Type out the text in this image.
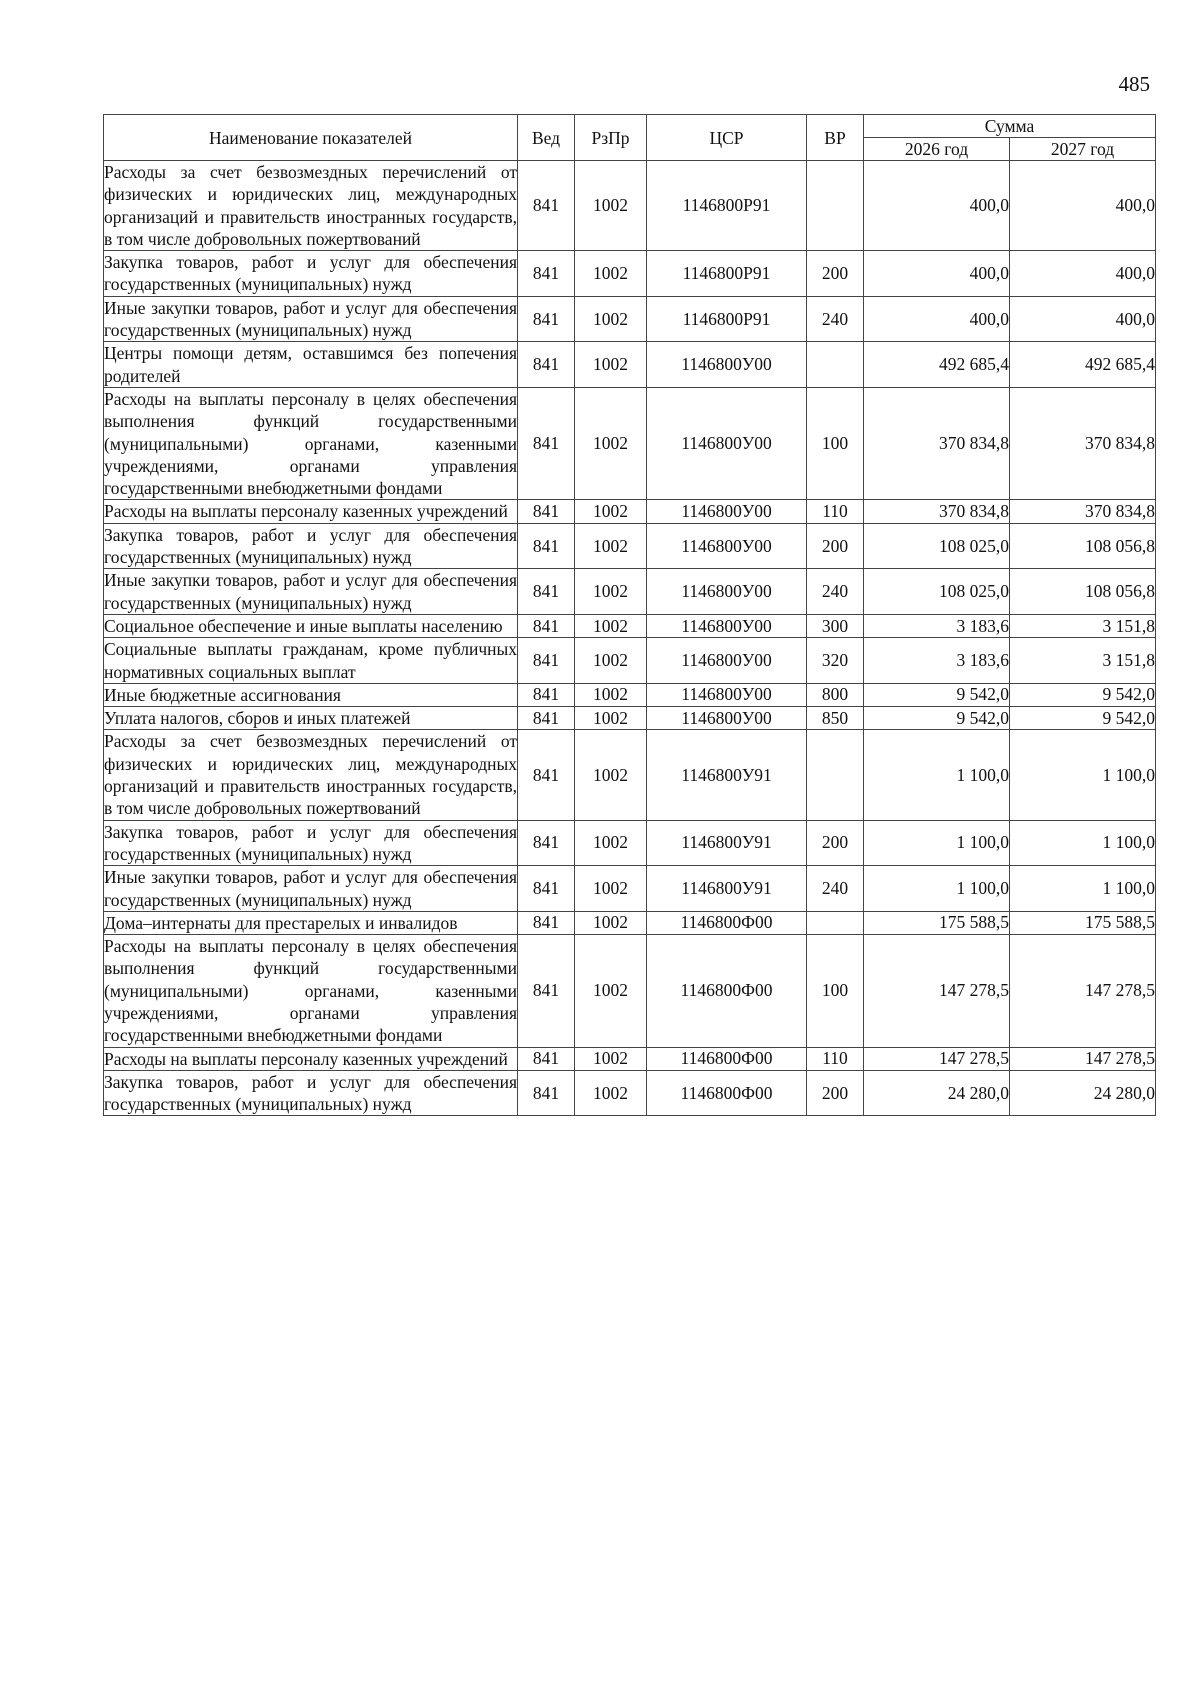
485
Наименование показателей	Вед	РзПр	ЦСР	ВР	Сумма	
					2026 год	2027 год

Расходы за счет безвозмездных перечислений от физических и юридических лиц, международных организаций и правительств иностранных государств, в том числе добровольных пожертвований	841	1002	1146800Р91		400,0	400,0

Закупка товаров, работ и услуг для обеспечения государственных (муниципальных) нужд	841	1002	1146800Р91	200	400,0	400,0

Иные закупки товаров, работ и услуг для обеспечения государственных (муниципальных) нужд	841	1002	1146800Р91	240	400,0	400,0

Центры помощи детям, оставшимся без попечения родителей	841	1002	1146800У00		492 685,4	492 685,4

Расходы на выплаты персоналу в целях обеспечения выполнения функций государственными (муниципальными) органами, казенными учреждениями, органами управления государственными внебюджетными фондами	841	1002	1146800У00	100	370 834,8	370 834,8

Расходы на выплаты персоналу казенных учреждений	841	1002	1146800У00	110	370 834,8	370 834,8

Закупка товаров, работ и услуг для обеспечения государственных (муниципальных) нужд	841	1002	1146800У00	200	108 025,0	108 056,8

Иные закупки товаров, работ и услуг для обеспечения государственных (муниципальных) нужд	841	1002	1146800У00	240	108 025,0	108 056,8

Социальное обеспечение и иные выплаты населению	841	1002	1146800У00	300	3 183,6	3 151,8

Социальные выплаты гражданам, кроме публичных нормативных социальных выплат	841	1002	1146800У00	320	3 183,6	3 151,8

Иные бюджетные ассигнования	841	1002	1146800У00	800	9 542,0	9 542,0

Уплата налогов, сборов и иных платежей	841	1002	1146800У00	850	9 542,0	9 542,0

Расходы за счет безвозмездных перечислений от физических и юридических лиц, международных организаций и правительств иностранных государств, в том числе добровольных пожертвований	841	1002	1146800У91		1 100,0	1 100,0

Закупка товаров, работ и услуг для обеспечения государственных (муниципальных) нужд	841	1002	1146800У91	200	1 100,0	1 100,0

Иные закупки товаров, работ и услуг для обеспечения государственных (муниципальных) нужд	841	1002	1146800У91	240	1 100,0	1 100,0

Дома–интернаты для престарелых и инвалидов	841	1002	1146800Ф00		175 588,5	175 588,5

Расходы на выплаты персоналу в целях обеспечения выполнения функций государственными (муниципальными) органами, казенными учреждениями, органами управления государственными внебюджетными фондами	841	1002	1146800Ф00	100	147 278,5	147 278,5

Расходы на выплаты персоналу казенных учреждений	841	1002	1146800Ф00	110	147 278,5	147 278,5

Закупка товаров, работ и услуг для обеспечения государственных (муниципальных) нужд	841	1002	1146800Ф00	200	24 280,0	24 280,0
